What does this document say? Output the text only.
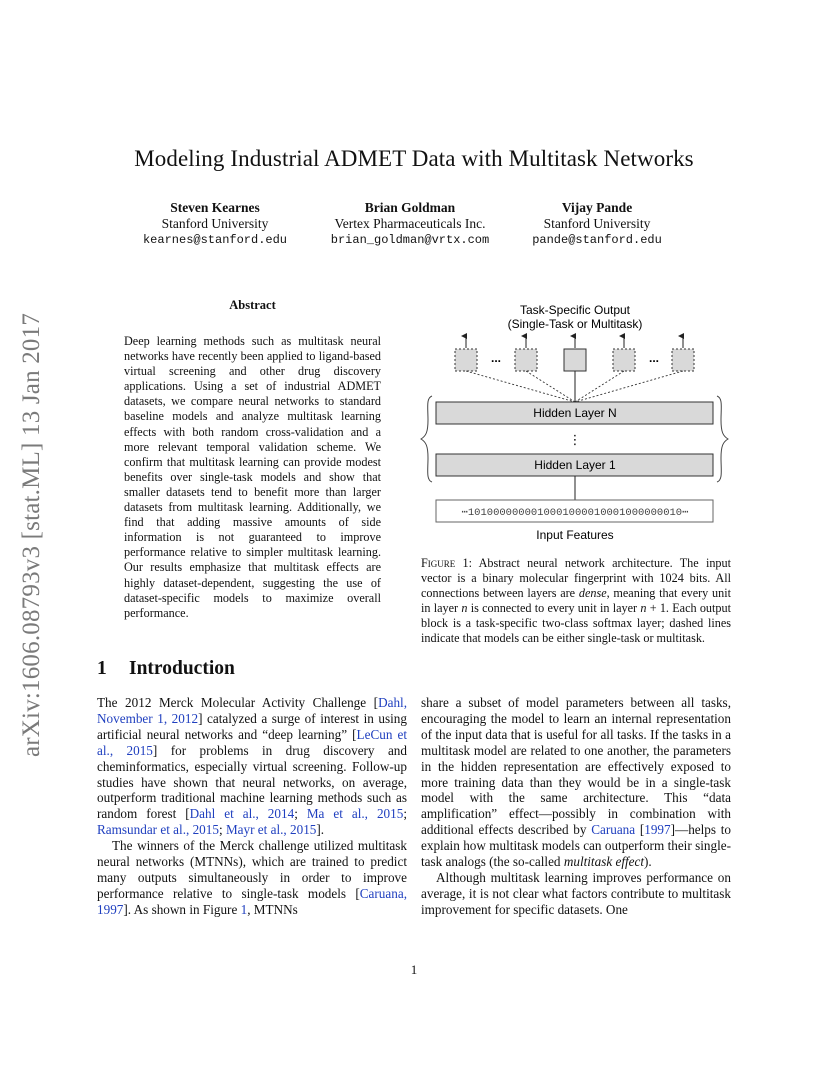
arXiv:1606.08793v3 [stat.ML] 13 Jan 2017
Modeling Industrial ADMET Data with Multitask Networks
Steven Kearnes
Stanford University
kearnes@stanford.edu
Brian Goldman
Vertex Pharmaceuticals Inc.
brian_goldman@vrtx.com
Vijay Pande
Stanford University
pande@stanford.edu
Abstract
Deep learning methods such as multitask neural networks have recently been applied to ligand-based virtual screening and other drug discovery applications. Using a set of industrial ADMET datasets, we compare neural networks to standard baseline models and analyze multitask learning effects with both random cross-validation and a more relevant temporal validation scheme. We confirm that multitask learning can provide modest benefits over single-task models and show that smaller datasets tend to benefit more than larger datasets from multitask learning. Additionally, we find that adding massive amounts of side information is not guaranteed to improve performance relative to simpler multitask learning. Our results emphasize that multitask effects are highly dataset-dependent, suggesting the use of dataset-specific models to maximize overall performance.
Task-Specific Output
(Single-Task or Multitask)
...	...
Hidden Layer N
⋮
Hidden Layer 1
⋯1010000000010001000010001000000010⋯
Input Features
Figure 1: Abstract neural network architecture. The input vector is a binary molecular fingerprint with 1024 bits. All connections between layers are dense, meaning that every unit in layer n is connected to every unit in layer n + 1. Each output block is a task-specific two-class softmax layer; dashed lines indicate that models can be either single-task or multitask.
1 Introduction

The 2012 Merck Molecular Activity Challenge [Dahl, November 1, 2012] catalyzed a surge of interest in using artificial neural networks and “deep learning” [LeCun et al., 2015] for problems in drug discovery and cheminformatics, especially virtual screening. Follow-up studies have shown that neural networks, on average, outperform traditional machine learning methods such as random forest [Dahl et al., 2014; Ma et al., 2015; Ramsundar et al., 2015; Mayr et al., 2015].

The winners of the Merck challenge utilized multitask neural networks (MTNNs), which are trained to predict many outputs simultaneously in order to improve performance relative to single-task models [Caruana, 1997]. As shown in Figure 1, MTNNs

share a subset of model parameters between all tasks, encouraging the model to learn an internal representation of the input data that is useful for all tasks. If the tasks in a multitask model are related to one another, the parameters in the hidden representation are effectively exposed to more training data than they would be in a single-task model with the same architecture. This “data amplification” effect—possibly in combination with additional effects described by Caruana [1997]—helps to explain how multitask models can outperform their single-task analogs (the so-called multitask effect).

Although multitask learning improves performance on average, it is not clear what factors contribute to multitask improvement for specific datasets. One

1
